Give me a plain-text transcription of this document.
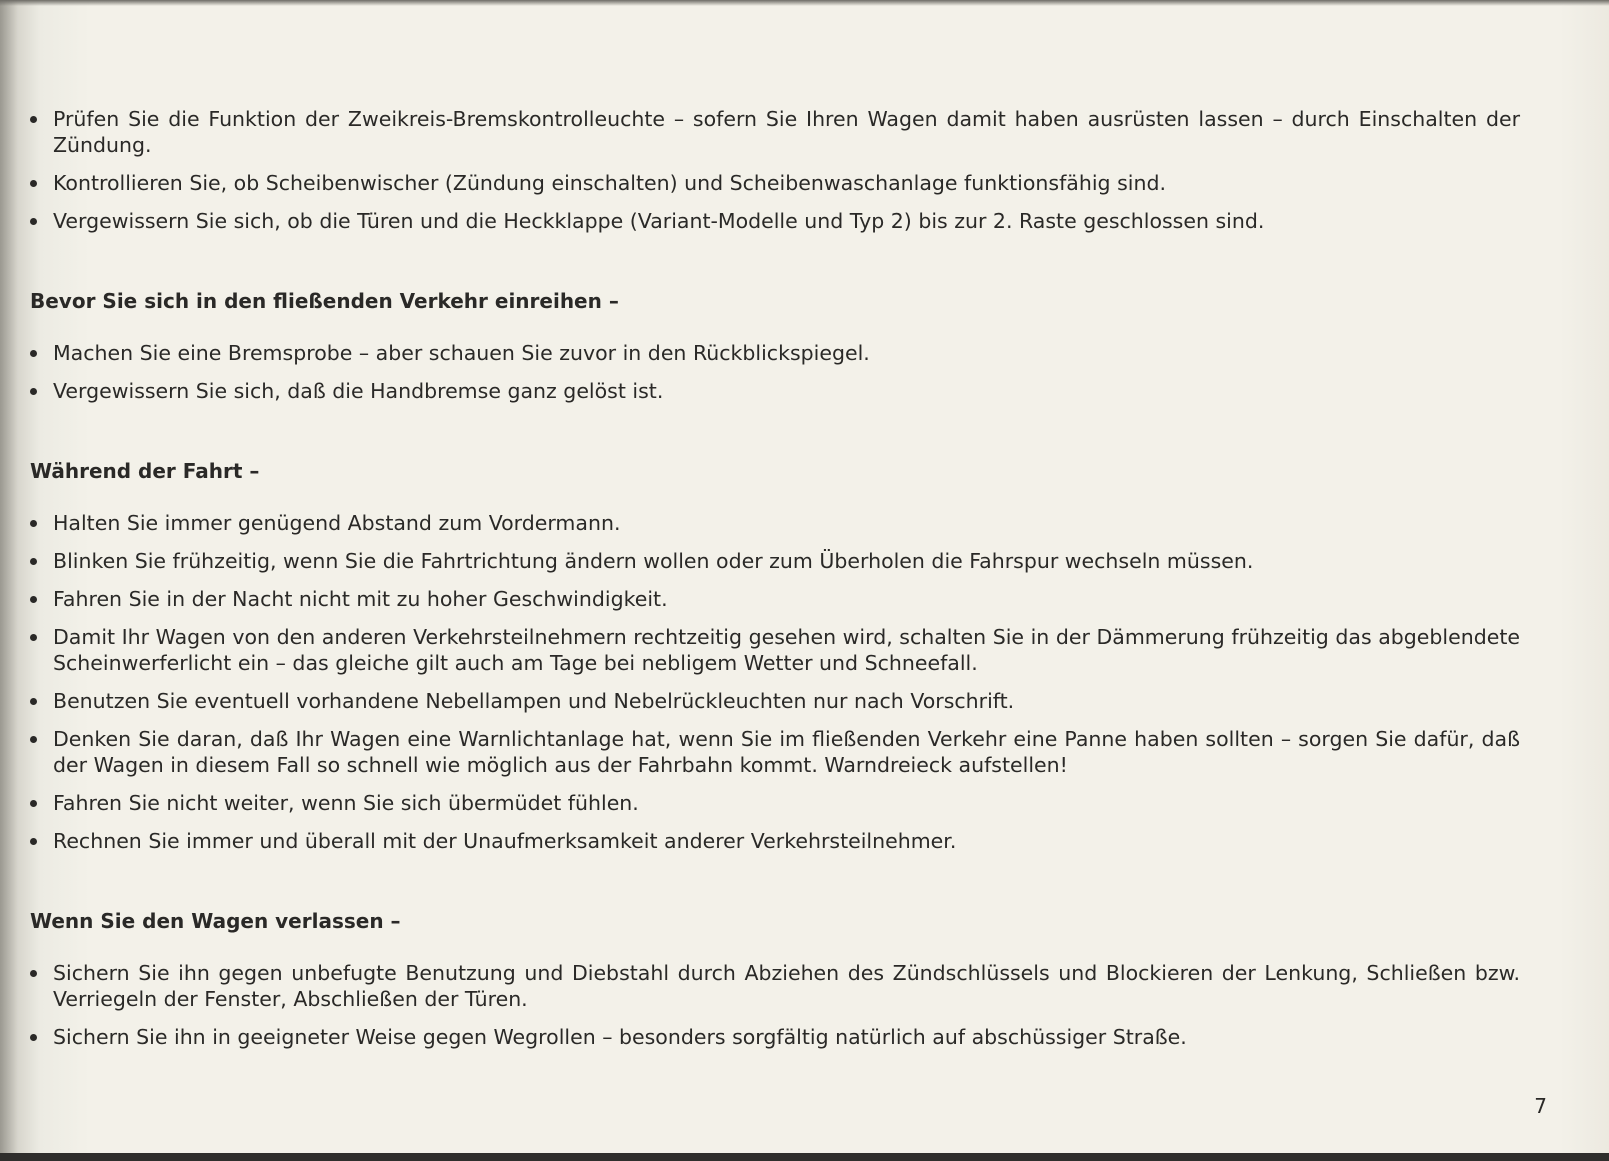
Prüfen Sie die Funktion der Zweikreis-Bremskontrolleuchte – sofern Sie Ihren Wagen damit haben ausrüsten lassen – durch Einschalten der Zündung.
Kontrollieren Sie, ob Scheibenwischer (Zündung einschalten) und Scheibenwaschanlage funktionsfähig sind.
Vergewissern Sie sich, ob die Türen und die Heckklappe (Variant-Modelle und Typ 2) bis zur 2. Raste geschlossen sind.

Bevor Sie sich in den fließenden Verkehr einreihen –

Machen Sie eine Bremsprobe – aber schauen Sie zuvor in den Rückblickspiegel.
Vergewissern Sie sich, daß die Handbremse ganz gelöst ist.

Während der Fahrt –

Halten Sie immer genügend Abstand zum Vordermann.
Blinken Sie frühzeitig, wenn Sie die Fahrtrichtung ändern wollen oder zum Überholen die Fahrspur wechseln müssen.
Fahren Sie in der Nacht nicht mit zu hoher Geschwindigkeit.
Damit Ihr Wagen von den anderen Verkehrsteilnehmern rechtzeitig gesehen wird, schalten Sie in der Dämmerung frühzeitig das abgeblendete Scheinwerferlicht ein – das gleiche gilt auch am Tage bei nebligem Wetter und Schneefall.
Benutzen Sie eventuell vorhandene Nebellampen und Nebelrückleuchten nur nach Vorschrift.
Denken Sie daran, daß Ihr Wagen eine Warnlichtanlage hat, wenn Sie im fließenden Verkehr eine Panne haben sollten – sorgen Sie dafür, daß der Wagen in diesem Fall so schnell wie möglich aus der Fahrbahn kommt. Warndreieck aufstellen!
Fahren Sie nicht weiter, wenn Sie sich übermüdet fühlen.
Rechnen Sie immer und überall mit der Unaufmerksamkeit anderer Verkehrsteilnehmer.

Wenn Sie den Wagen verlassen –

Sichern Sie ihn gegen unbefugte Benutzung und Diebstahl durch Abziehen des Zündschlüssels und Blockieren der Lenkung, Schließen bzw. Verriegeln der Fenster, Abschließen der Türen.
Sichern Sie ihn in geeigneter Weise gegen Wegrollen – besonders sorgfältig natürlich auf abschüssiger Straße.
7
